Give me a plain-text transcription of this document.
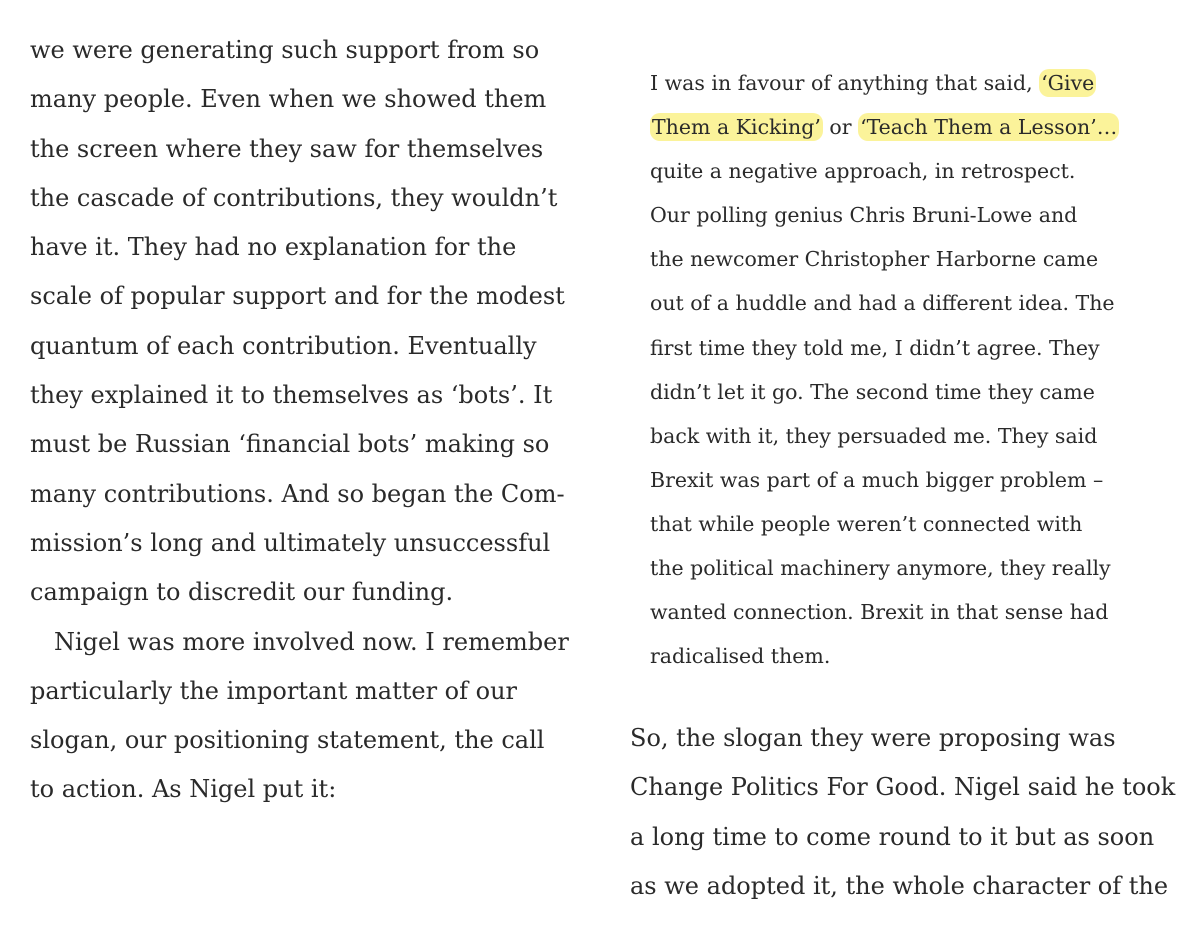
we were generating such support from so
many people. Even when we showed them
the screen where they saw for themselves
the cascade of contributions, they wouldn’t
have it. They had no explanation for the
scale of popular support and for the modest
quantum of each contribution. Eventually
they explained it to themselves as ‘bots’. It
must be Russian ‘financial bots’ making so
many contributions. And so began the Com-
mission’s long and ultimately unsuccessful
campaign to discredit our funding.
 Nigel was more involved now. I remember
particularly the important matter of our
slogan, our positioning statement, the call
to action. As Nigel put it:
I was in favour of anything that said, ‘Give
Them a Kicking’ or ‘Teach Them a Lesson’…
quite a negative approach, in retrospect.
Our polling genius Chris Bruni-Lowe and
the newcomer Christopher Harborne came
out of a huddle and had a different idea. The
first time they told me, I didn’t agree. They
didn’t let it go. The second time they came
back with it, they persuaded me. They said
Brexit was part of a much bigger problem –
that while people weren’t connected with
the political machinery anymore, they really
wanted connection. Brexit in that sense had
radicalised them.
So, the slogan they were proposing was
Change Politics For Good. Nigel said he took
a long time to come round to it but as soon
as we adopted it, the whole character of the
